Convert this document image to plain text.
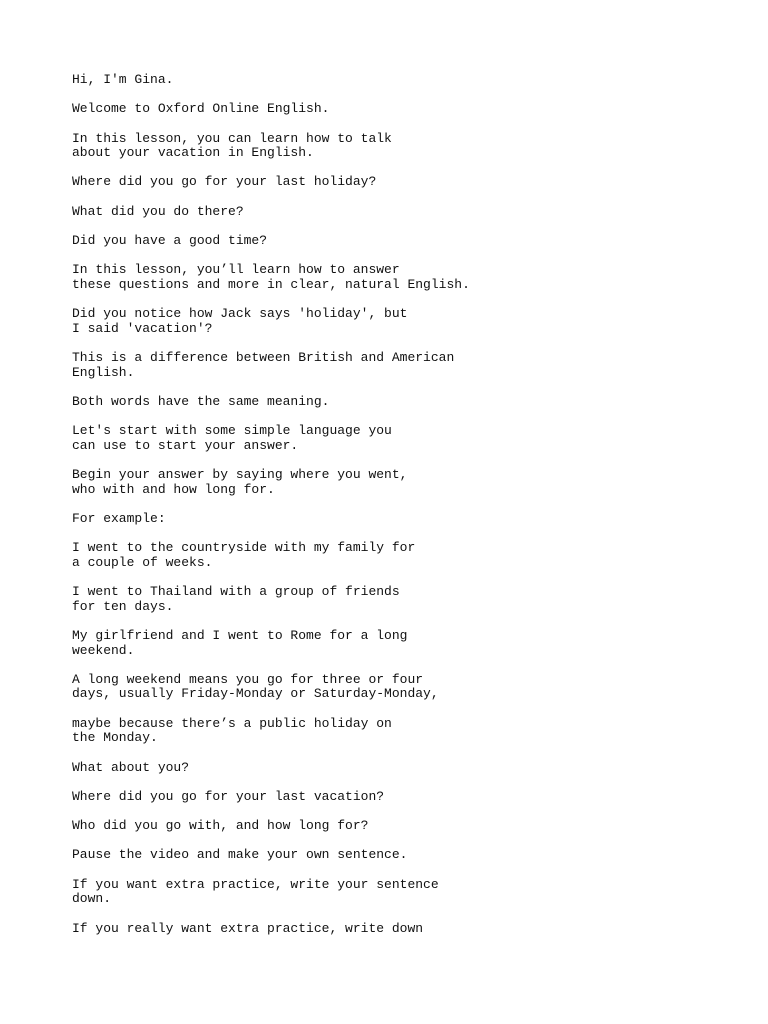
Hi, I'm Gina.

Welcome to Oxford Online English.

In this lesson, you can learn how to talk
about your vacation in English.

Where did you go for your last holiday?

What did you do there?

Did you have a good time?

In this lesson, you’ll learn how to answer
these questions and more in clear, natural English.

Did you notice how Jack says 'holiday', but
I said 'vacation'?

This is a difference between British and American
English.

Both words have the same meaning.

Let's start with some simple language you
can use to start your answer.

Begin your answer by saying where you went,
who with and how long for.

For example:

I went to the countryside with my family for
a couple of weeks.

I went to Thailand with a group of friends
for ten days.

My girlfriend and I went to Rome for a long
weekend.

A long weekend means you go for three or four
days, usually Friday-Monday or Saturday-Monday,

maybe because there’s a public holiday on
the Monday.

What about you?

Where did you go for your last vacation?

Who did you go with, and how long for?

Pause the video and make your own sentence.

If you want extra practice, write your sentence
down.

If you really want extra practice, write down
